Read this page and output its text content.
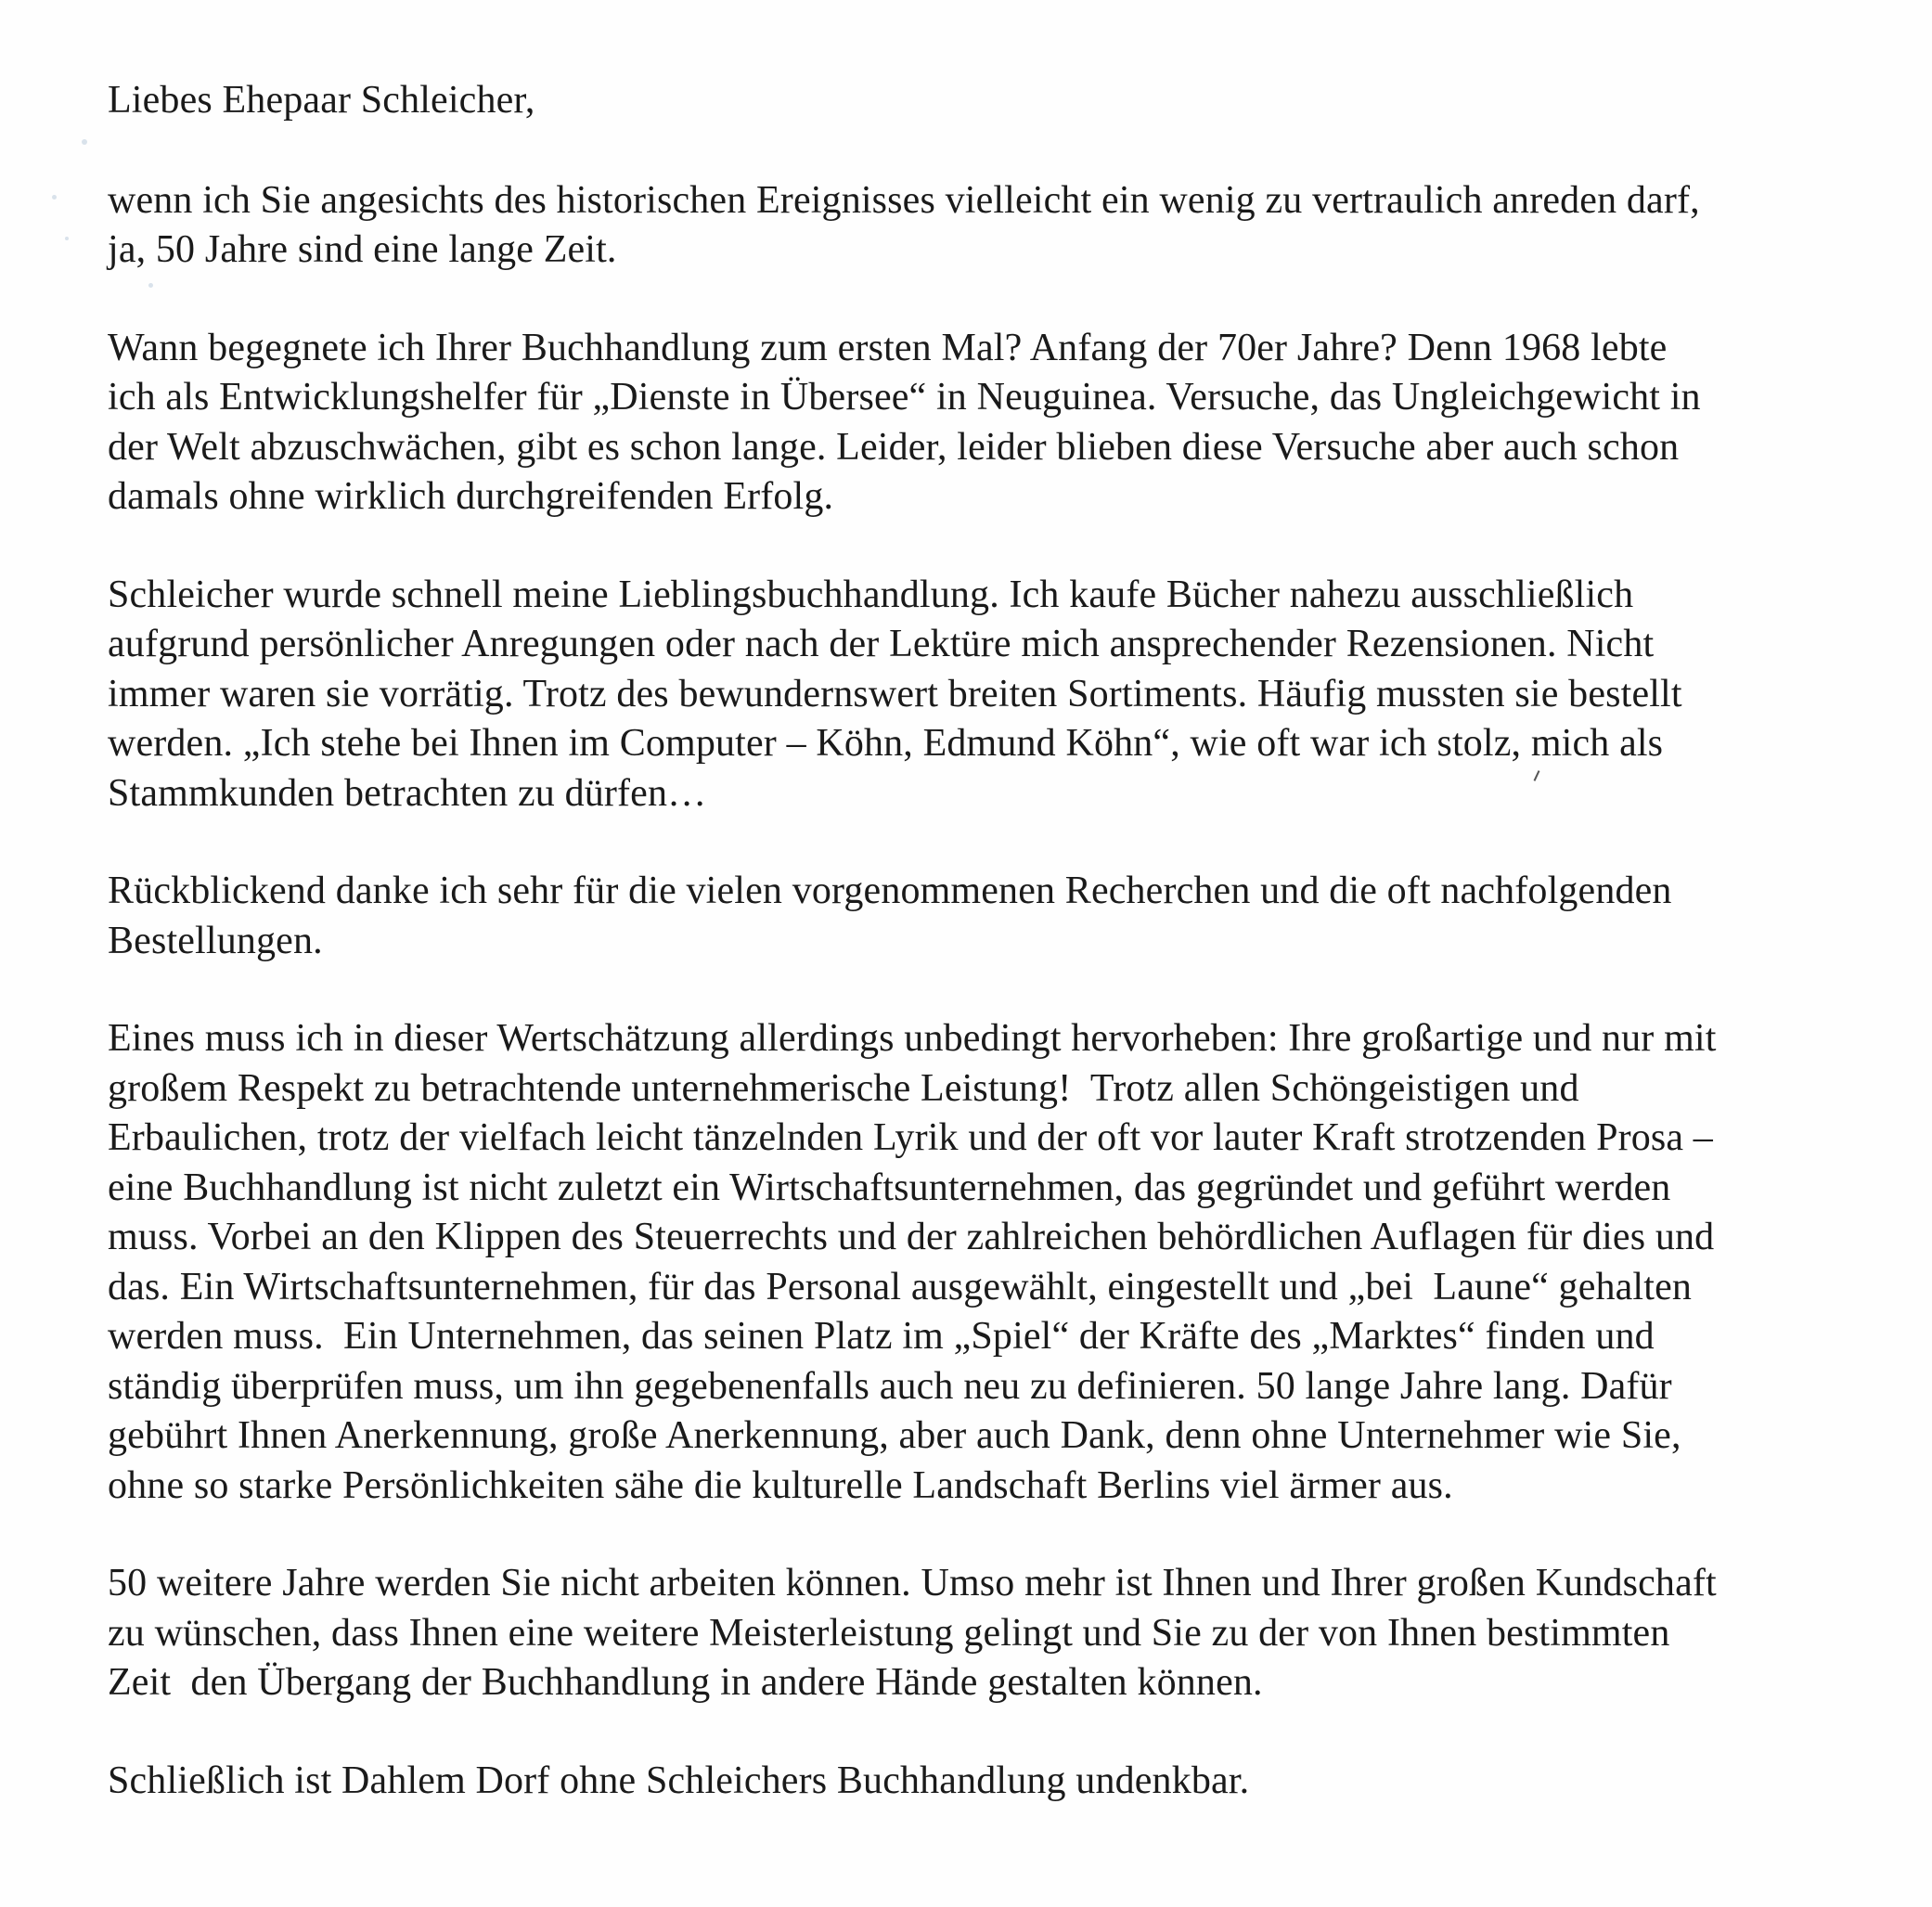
Liebes Ehepaar Schleicher,
wenn ich Sie angesichts des historischen Ereignisses vielleicht ein wenig zu vertraulich anreden darf,
ja, 50 Jahre sind eine lange Zeit.
Wann begegnete ich Ihrer Buchhandlung zum ersten Mal? Anfang der 70er Jahre? Denn 1968 lebte
ich als Entwicklungshelfer für „Dienste in Übersee“ in Neuguinea. Versuche, das Ungleichgewicht in
der Welt abzuschwächen, gibt es schon lange. Leider, leider blieben diese Versuche aber auch schon
damals ohne wirklich durchgreifenden Erfolg.
Schleicher wurde schnell meine Lieblingsbuchhandlung. Ich kaufe Bücher nahezu ausschließlich
aufgrund persönlicher Anregungen oder nach der Lektüre mich ansprechender Rezensionen. Nicht
immer waren sie vorrätig. Trotz des bewundernswert breiten Sortiments. Häufig mussten sie bestellt
werden. „Ich stehe bei Ihnen im Computer – Köhn, Edmund Köhn“, wie oft war ich stolz, mich als
Stammkunden betrachten zu dürfen…
Rückblickend danke ich sehr für die vielen vorgenommenen Recherchen und die oft nachfolgenden
Bestellungen.
Eines muss ich in dieser Wertschätzung allerdings unbedingt hervorheben: Ihre großartige und nur mit
großem Respekt zu betrachtende unternehmerische Leistung!  Trotz allen Schöngeistigen und
Erbaulichen, trotz der vielfach leicht tänzelnden Lyrik und der oft vor lauter Kraft strotzenden Prosa –
eine Buchhandlung ist nicht zuletzt ein Wirtschaftsunternehmen, das gegründet und geführt werden
muss. Vorbei an den Klippen des Steuerrechts und der zahlreichen behördlichen Auflagen für dies und
das. Ein Wirtschaftsunternehmen, für das Personal ausgewählt, eingestellt und „bei  Laune“ gehalten
werden muss.  Ein Unternehmen, das seinen Platz im „Spiel“ der Kräfte des „Marktes“ finden und
ständig überprüfen muss, um ihn gegebenenfalls auch neu zu definieren. 50 lange Jahre lang. Dafür
gebührt Ihnen Anerkennung, große Anerkennung, aber auch Dank, denn ohne Unternehmer wie Sie,
ohne so starke Persönlichkeiten sähe die kulturelle Landschaft Berlins viel ärmer aus.
50 weitere Jahre werden Sie nicht arbeiten können. Umso mehr ist Ihnen und Ihrer großen Kundschaft
zu wünschen, dass Ihnen eine weitere Meisterleistung gelingt und Sie zu der von Ihnen bestimmten
Zeit  den Übergang der Buchhandlung in andere Hände gestalten können.
Schließlich ist Dahlem Dorf ohne Schleichers Buchhandlung undenkbar.
